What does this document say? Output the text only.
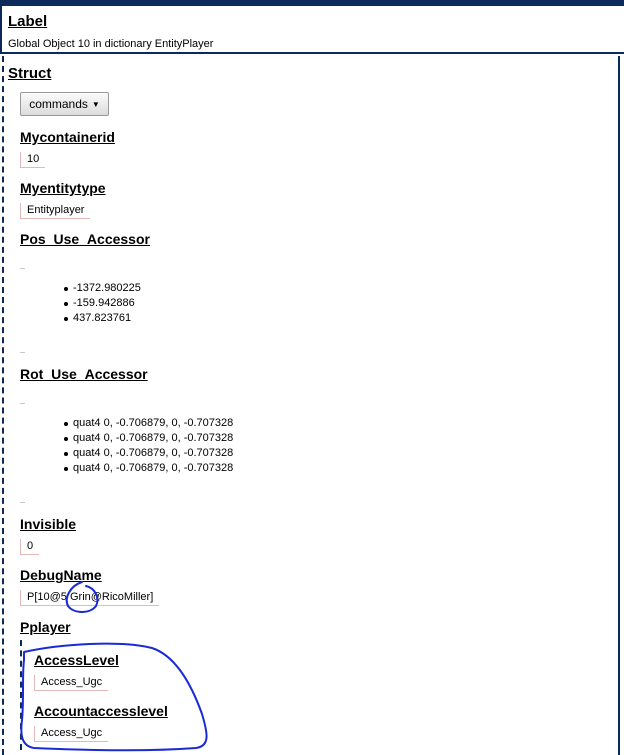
Label
Global Object 10 in dictionary EntityPlayer
Struct
commands ▼
Mycontainerid
10
Myentitytype
Entityplayer
Pos_Use_Accessor
-1372.980225
-159.942886
437.823761
Rot_Use_Accessor
quat4 0, -0.706879, 0, -0.707328
quat4 0, -0.706879, 0, -0.707328
quat4 0, -0.706879, 0, -0.707328
quat4 0, -0.706879, 0, -0.707328
Invisible
0
DebugName
P[10@5 Grin@RicoMiller]
Pplayer
AccessLevel
Access_Ugc
Accountaccesslevel
Access_Ugc
